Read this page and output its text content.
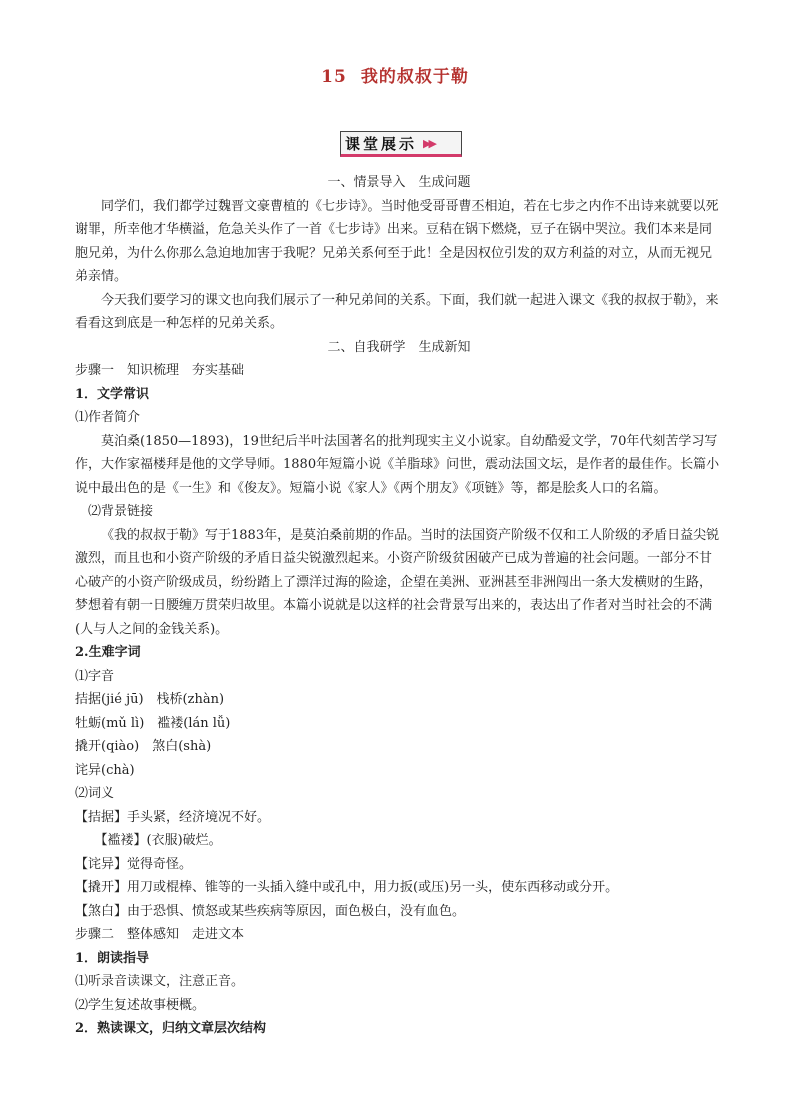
15 我的叔叔于勒
课堂展示 ▶▶

一、情景导入　生成问题

同学们，我们都学过魏晋文豪曹植的《七步诗》。当时他受哥哥曹丕相迫，若在七步之内作不出诗来就要以死谢罪，所幸他才华横溢，危急关头作了一首《七步诗》出来。豆秸在锅下燃烧，豆子在锅中哭泣。我们本来是同胞兄弟，为什么你那么急迫地加害于我呢？兄弟关系何至于此！全是因权位引发的双方利益的对立，从而无视兄弟亲情。

今天我们要学习的课文也向我们展示了一种兄弟间的关系。下面，我们就一起进入课文《我的叔叔于勒》，来看看这到底是一种怎样的兄弟关系。

二、自我研学　生成新知

步骤一　知识梳理　夯实基础

1．文学常识

⑴作者简介

莫泊桑(1850—1893)，19世纪后半叶法国著名的批判现实主义小说家。自幼酷爱文学，70年代刻苦学习写作，大作家福楼拜是他的文学导师。1880年短篇小说《羊脂球》问世，震动法国文坛，是作者的最佳作。长篇小说中最出色的是《一生》和《俊友》。短篇小说《家人》《两个朋友》《项链》等，都是脍炙人口的名篇。

⑵背景链接

《我的叔叔于勒》写于1883年，是莫泊桑前期的作品。当时的法国资产阶级不仅和工人阶级的矛盾日益尖锐激烈，而且也和小资产阶级的矛盾日益尖锐激烈起来。小资产阶级贫困破产已成为普遍的社会问题。一部分不甘心破产的小资产阶级成员，纷纷踏上了漂洋过海的险途，企望在美洲、亚洲甚至非洲闯出一条大发横财的生路，梦想着有朝一日腰缠万贯荣归故里。本篇小说就是以这样的社会背景写出来的，表达出了作者对当时社会的不满(人与人之间的金钱关系)。

2.生难字词

⑴字音

拮据(jié jū)　栈桥(zhàn)

牡蛎(mǔ lì)　褴褛(lán lǚ)

撬开(qiào)　煞白(shà)

诧异(chà)

⑵词义

【拮据】手头紧，经济境况不好。

【褴褛】(衣服)破烂。

【诧异】觉得奇怪。

【撬开】用刀或棍棒、锥等的一头插入缝中或孔中，用力扳(或压)另一头，使东西移动或分开。

【煞白】由于恐惧、愤怒或某些疾病等原因，面色极白，没有血色。

步骤二　整体感知　走进文本

1．朗读指导

⑴听录音读课文，注意正音。

⑵学生复述故事梗概。

2．熟读课文，归纳文章层次结构
